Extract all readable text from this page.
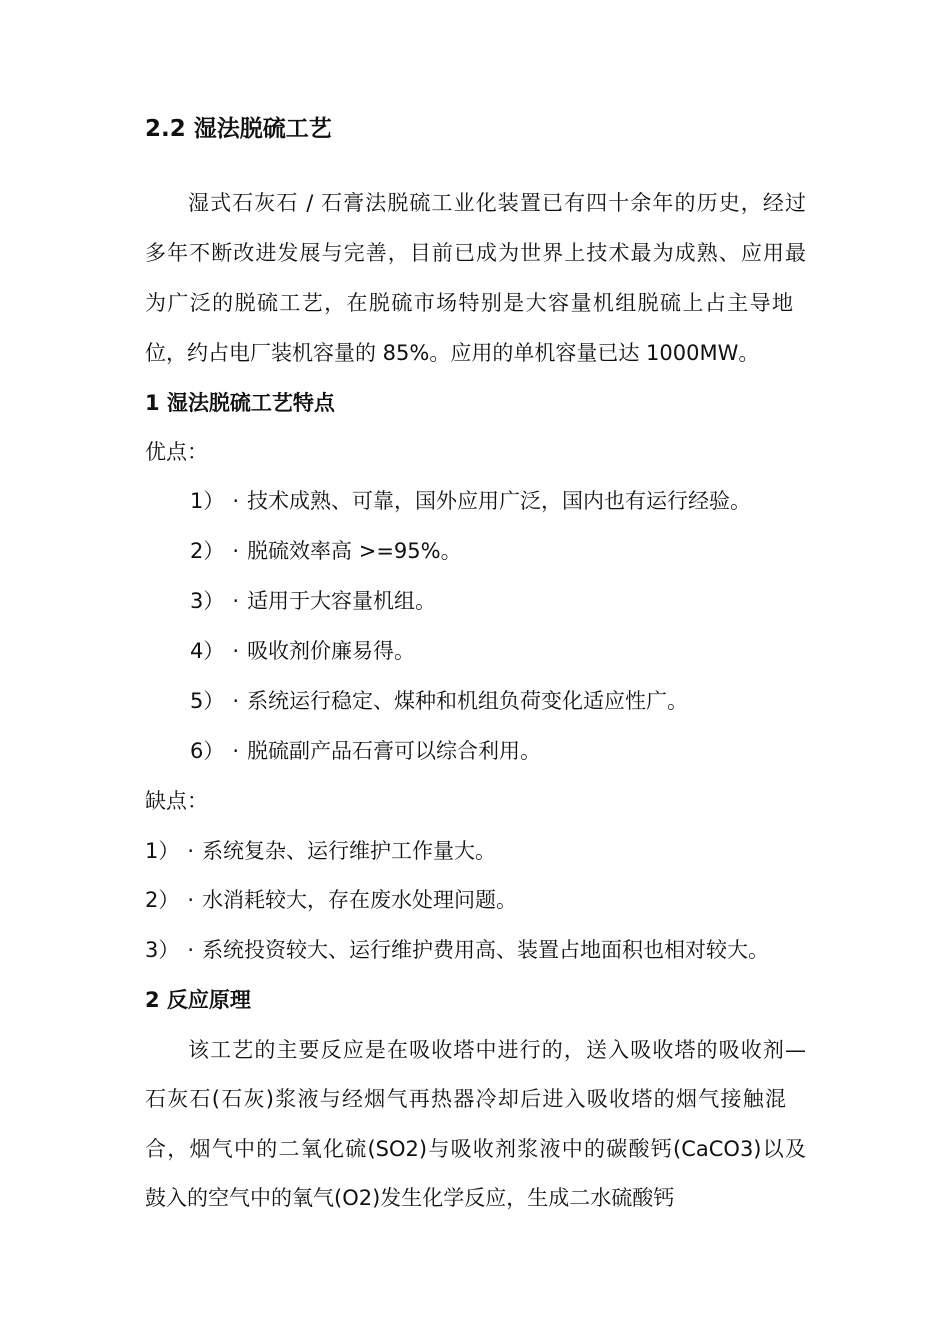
2.2 湿法脱硫工艺
湿式石灰石 / 石膏法脱硫工业化装置已有四十余年的历史，经过
多年不断改进发展与完善，目前已成为世界上技术最为成熟、应用最
为广泛的脱硫工艺，在脱硫市场特别是大容量机组脱硫上占主导地
位，约占电厂装机容量的 85%。应用的单机容量已达 1000MW。
1 湿法脱硫工艺特点
优点：
1） · 技术成熟、可靠，国外应用广泛，国内也有运行经验。
2） · 脱硫效率高 >=95%。
3） · 适用于大容量机组。
4） · 吸收剂价廉易得。
5） · 系统运行稳定、煤种和机组负荷变化适应性广。
6） · 脱硫副产品石膏可以综合利用。
缺点：
1） · 系统复杂、运行维护工作量大。
2） · 水消耗较大，存在废水处理问题。
3） · 系统投资较大、运行维护费用高、装置占地面积也相对较大。
2 反应原理
该工艺的主要反应是在吸收塔中进行的，送入吸收塔的吸收剂—
石灰石(石灰)浆液与经烟气再热器冷却后进入吸收塔的烟气接触混
合，烟气中的二氧化硫(SO2)与吸收剂浆液中的碳酸钙(CaCO3)以及
鼓入的空气中的氧气(O2)发生化学反应，生成二水硫酸钙
